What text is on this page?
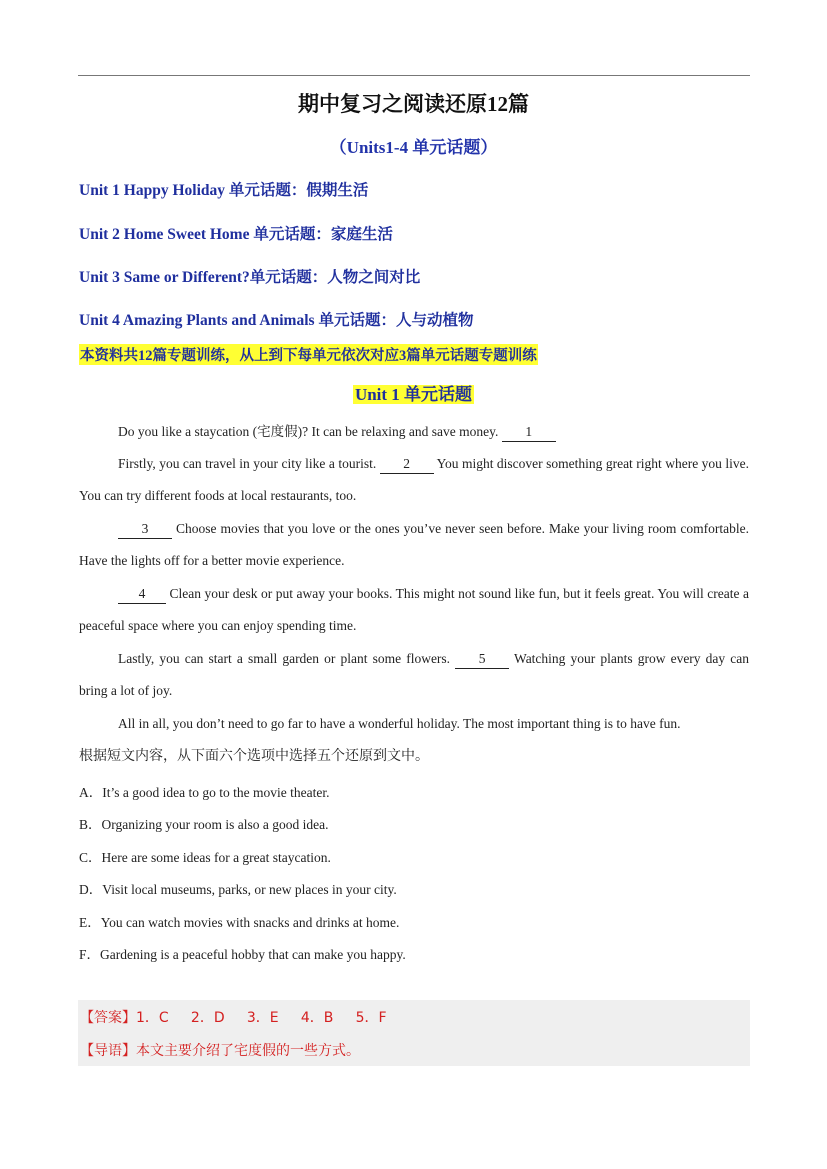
期中复习之阅读还原12篇
（Units1-4 单元话题）
Unit 1 Happy Holiday 单元话题：假期生活
Unit 2 Home Sweet Home 单元话题：家庭生活
Unit 3 Same or Different?单元话题：人物之间对比
Unit 4 Amazing Plants and Animals 单元话题：人与动植物
本资料共12篇专题训练，从上到下每单元依次对应3篇单元话题专题训练
Unit 1 单元话题
Do you like a staycation (宅度假)? It can be relaxing and save money. 1
Firstly, you can travel in your city like a tourist. 2 You might discover something great right where you live. You can try different foods at local restaurants, too.
3 Choose movies that you love or the ones you’ve never seen before. Make your living room comfortable. Have the lights off for a better movie experience.
4 Clean your desk or put away your books. This might not sound like fun, but it feels great. You will create a peaceful space where you can enjoy spending time.
Lastly, you can start a small garden or plant some flowers. 5 Watching your plants grow every day can bring a lot of joy.
All in all, you don’t need to go far to have a wonderful holiday. The most important thing is to have fun.
根据短文内容，从下面六个选项中选择五个还原到文中。
A．It’s a good idea to go to the movie theater.
B．Organizing your room is also a good idea.
C．Here are some ideas for a great staycation.
D．Visit local museums, parks, or new places in your city.
E．You can watch movies with snacks and drinks at home.
F．Gardening is a peaceful hobby that can make you happy.
【答案】1．C     2．D     3．E     4．B     5．F
【导语】本文主要介绍了宅度假的一些方式。
